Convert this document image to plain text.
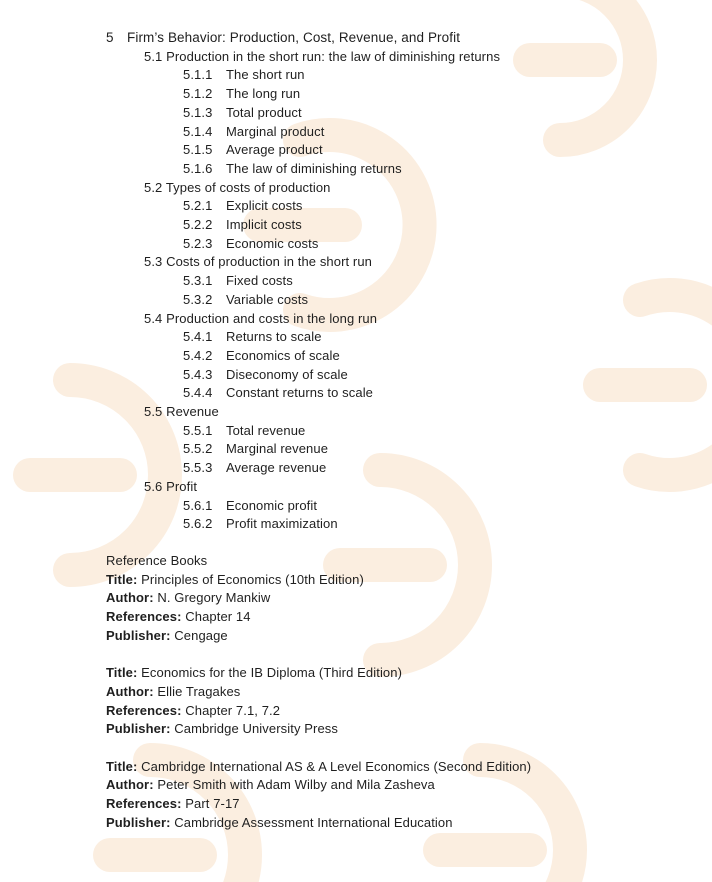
5 Firm’s Behavior: Production, Cost, Revenue, and Profit
5.1 Production in the short run: the law of diminishing returns
5.1.1 The short run
5.1.2 The long run
5.1.3 Total product
5.1.4 Marginal product
5.1.5 Average product
5.1.6 The law of diminishing returns
5.2 Types of costs of production
5.2.1 Explicit costs
5.2.2 Implicit costs
5.2.3 Economic costs
5.3 Costs of production in the short run
5.3.1 Fixed costs
5.3.2 Variable costs
5.4 Production and costs in the long run
5.4.1 Returns to scale
5.4.2 Economics of scale
5.4.3 Diseconomy of scale
5.4.4 Constant returns to scale
5.5 Revenue
5.5.1 Total revenue
5.5.2 Marginal revenue
5.5.3 Average revenue
5.6 Profit
5.6.1 Economic profit
5.6.2 Profit maximization
Reference Books
Title: Principles of Economics (10th Edition)
Author: N. Gregory Mankiw
References: Chapter 14
Publisher: Cengage
Title: Economics for the IB Diploma (Third Edition)
Author: Ellie Tragakes
References: Chapter 7.1, 7.2
Publisher: Cambridge University Press
Title: Cambridge International AS & A Level Economics (Second Edition)
Author: Peter Smith with Adam Wilby and Mila Zasheva
References: Part 7-17
Publisher: Cambridge Assessment International Education
